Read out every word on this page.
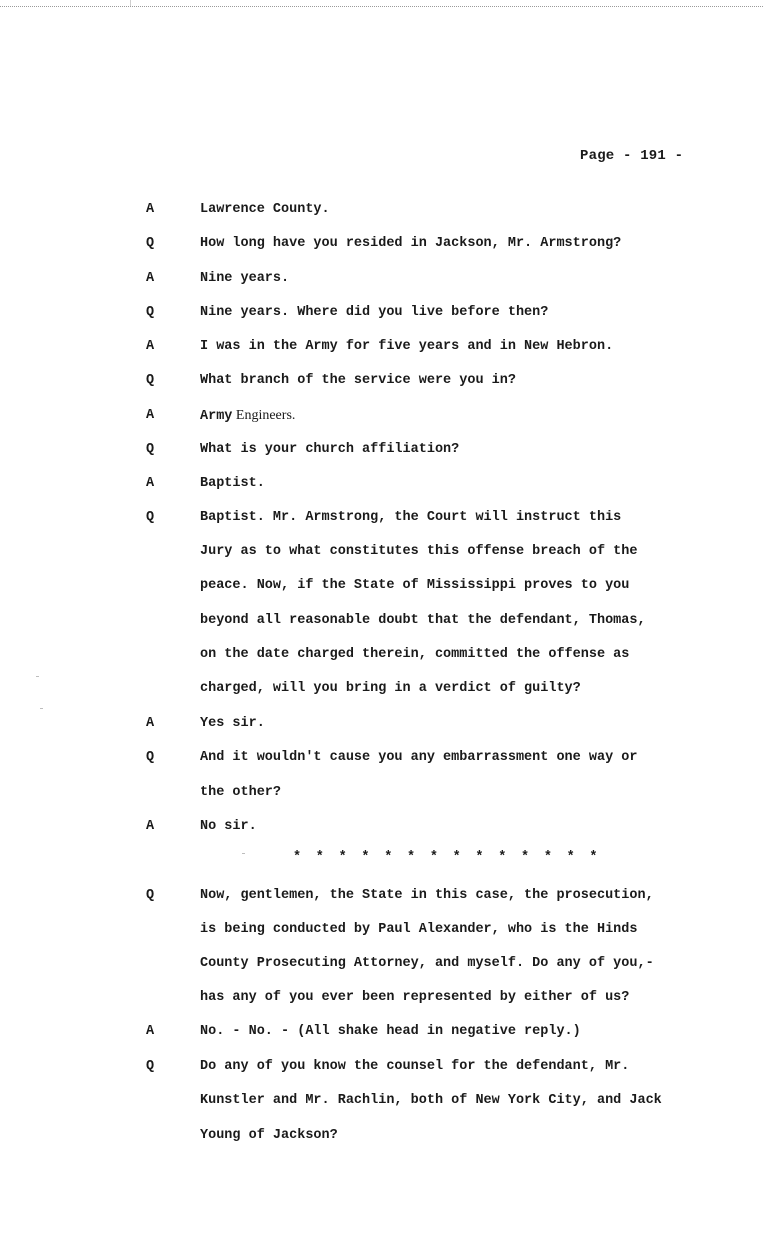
Page - 191 -
A	Lawrence County.
Q	How long have you resided in Jackson, Mr. Armstrong?
A	Nine years.
Q	Nine years. Where did you live before then?
A	I was in the Army for five years and in New Hebron.
Q	What branch of the service were you in?
A	Army Engineers.
Q	What is your church affiliation?
A	Baptist.
Q	Baptist. Mr. Armstrong, the Court will instruct this
Jury as to what constitutes this offense breach of the
peace. Now, if the State of Mississippi proves to you
beyond all reasonable doubt that the defendant, Thomas,
on the date charged therein, committed the offense as
charged, will you bring in a verdict of guilty?
A	Yes sir.
Q	And it wouldn't cause you any embarrassment one way or
the other?
A	No sir.
* * * * * * * * * * * * * *
Q	Now, gentlemen, the State in this case, the prosecution,
is being conducted by Paul Alexander, who is the Hinds
County Prosecuting Attorney, and myself. Do any of you,-
has any of you ever been represented by either of us?
A	No. - No. - (All shake head in negative reply.)
Q	Do any of you know the counsel for the defendant, Mr.
Kunstler and Mr. Rachlin, both of New York City, and Jack
Young of Jackson?
